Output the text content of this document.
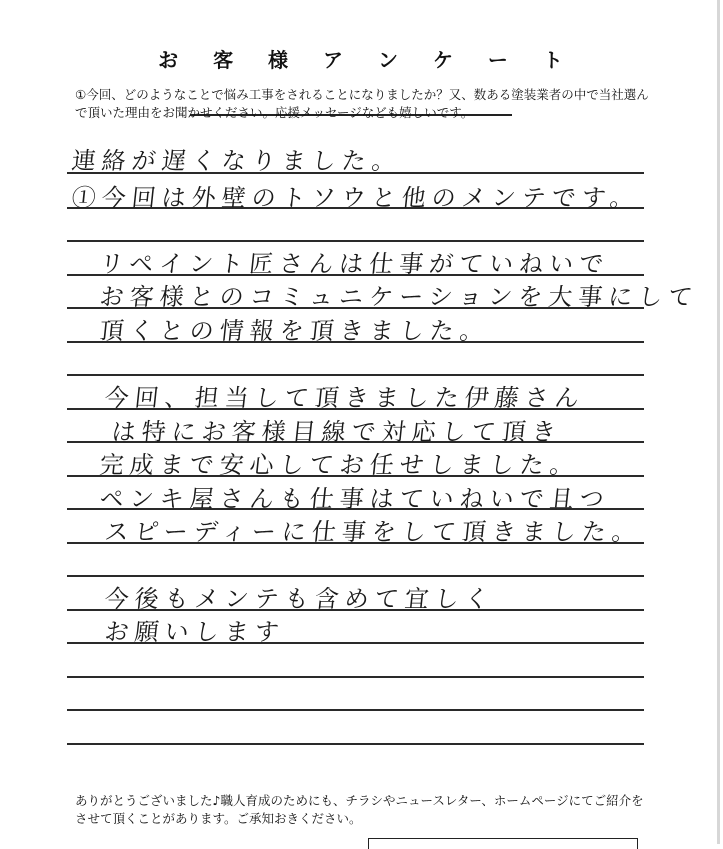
お 客 様 ア ン ケ ー ト
①今回、どのようなことで悩み工事をされることになりましたか？又、数ある塗装業者の中で当社選んで頂いた理由をお聞かせください。応援メッセージなども嬉しいです。
連絡が遅くなりました。
①今回は外壁のトソウと他のメンテです。
リペイント匠さんは仕事がていねいで
お客様とのコミュニケーションを大事にして
頂くとの情報を頂きました。
今回、担当して頂きました伊藤さん
は特にお客様目線で対応して頂き
完成まで安心してお任せしました。
ペンキ屋さんも仕事はていねいで且つ
スピーディーに仕事をして頂きました。
今後もメンテも含めて宜しく
お願いします
ありがとうございました♪職人育成のためにも、チラシやニュースレター、ホームページにてご紹介をさせて頂くことがあります。ご承知おきください。
